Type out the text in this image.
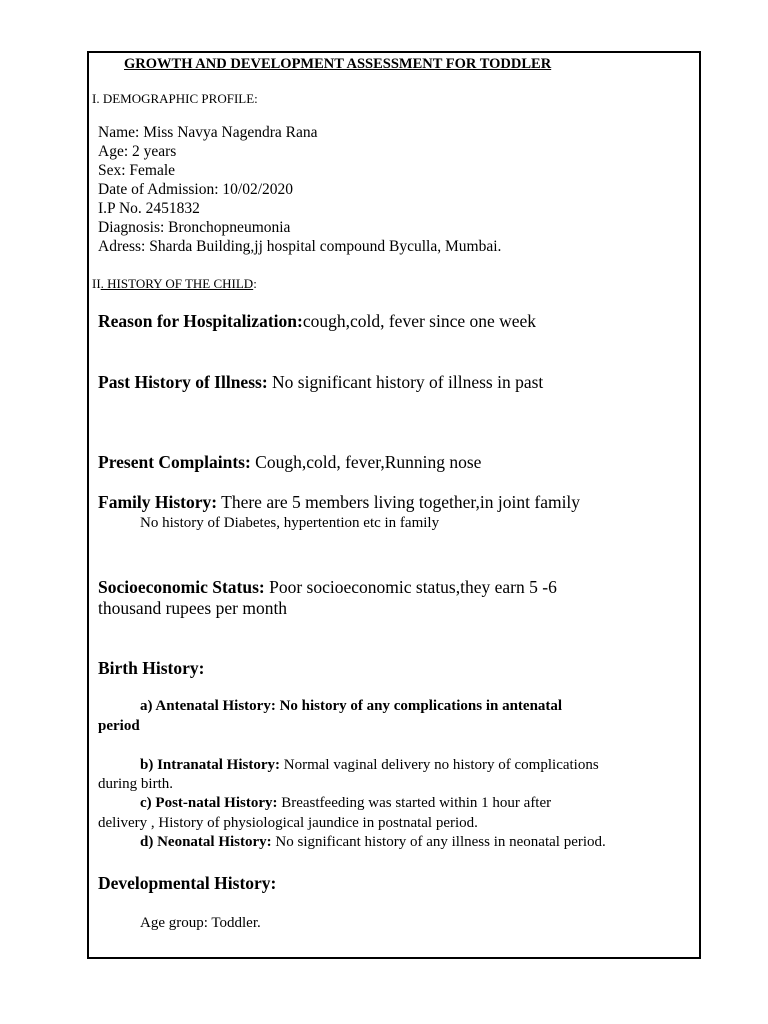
GROWTH AND DEVELOPMENT ASSESSMENT FOR TODDLER
I. DEMOGRAPHIC PROFILE:
Name: Miss Navya Nagendra Rana
Age: 2 years
Sex: Female
Date of Admission: 10/02/2020
I.P No. 2451832
Diagnosis: Bronchopneumonia
Adress: Sharda Building,jj hospital compound Byculla, Mumbai.
II. HISTORY OF THE CHILD:
Reason for Hospitalization:cough,cold, fever since one week
Past History of Illness: No significant history of illness in past
Present Complaints: Cough,cold, fever,Running nose
Family History: There are 5 members living together,in joint family
No history of Diabetes, hypertention etc in family
Socioeconomic Status: Poor socioeconomic status,they earn 5 -6
thousand rupees per month
Birth History:
a) Antenatal History: No history of any complications in antenatal
period
b) Intranatal History: Normal vaginal delivery no history of complications
during birth.
c) Post-natal History: Breastfeeding was started within 1 hour after
delivery , History of physiological jaundice in postnatal period.
d) Neonatal History: No significant history of any illness in neonatal period.
Developmental History:
Age group: Toddler.
